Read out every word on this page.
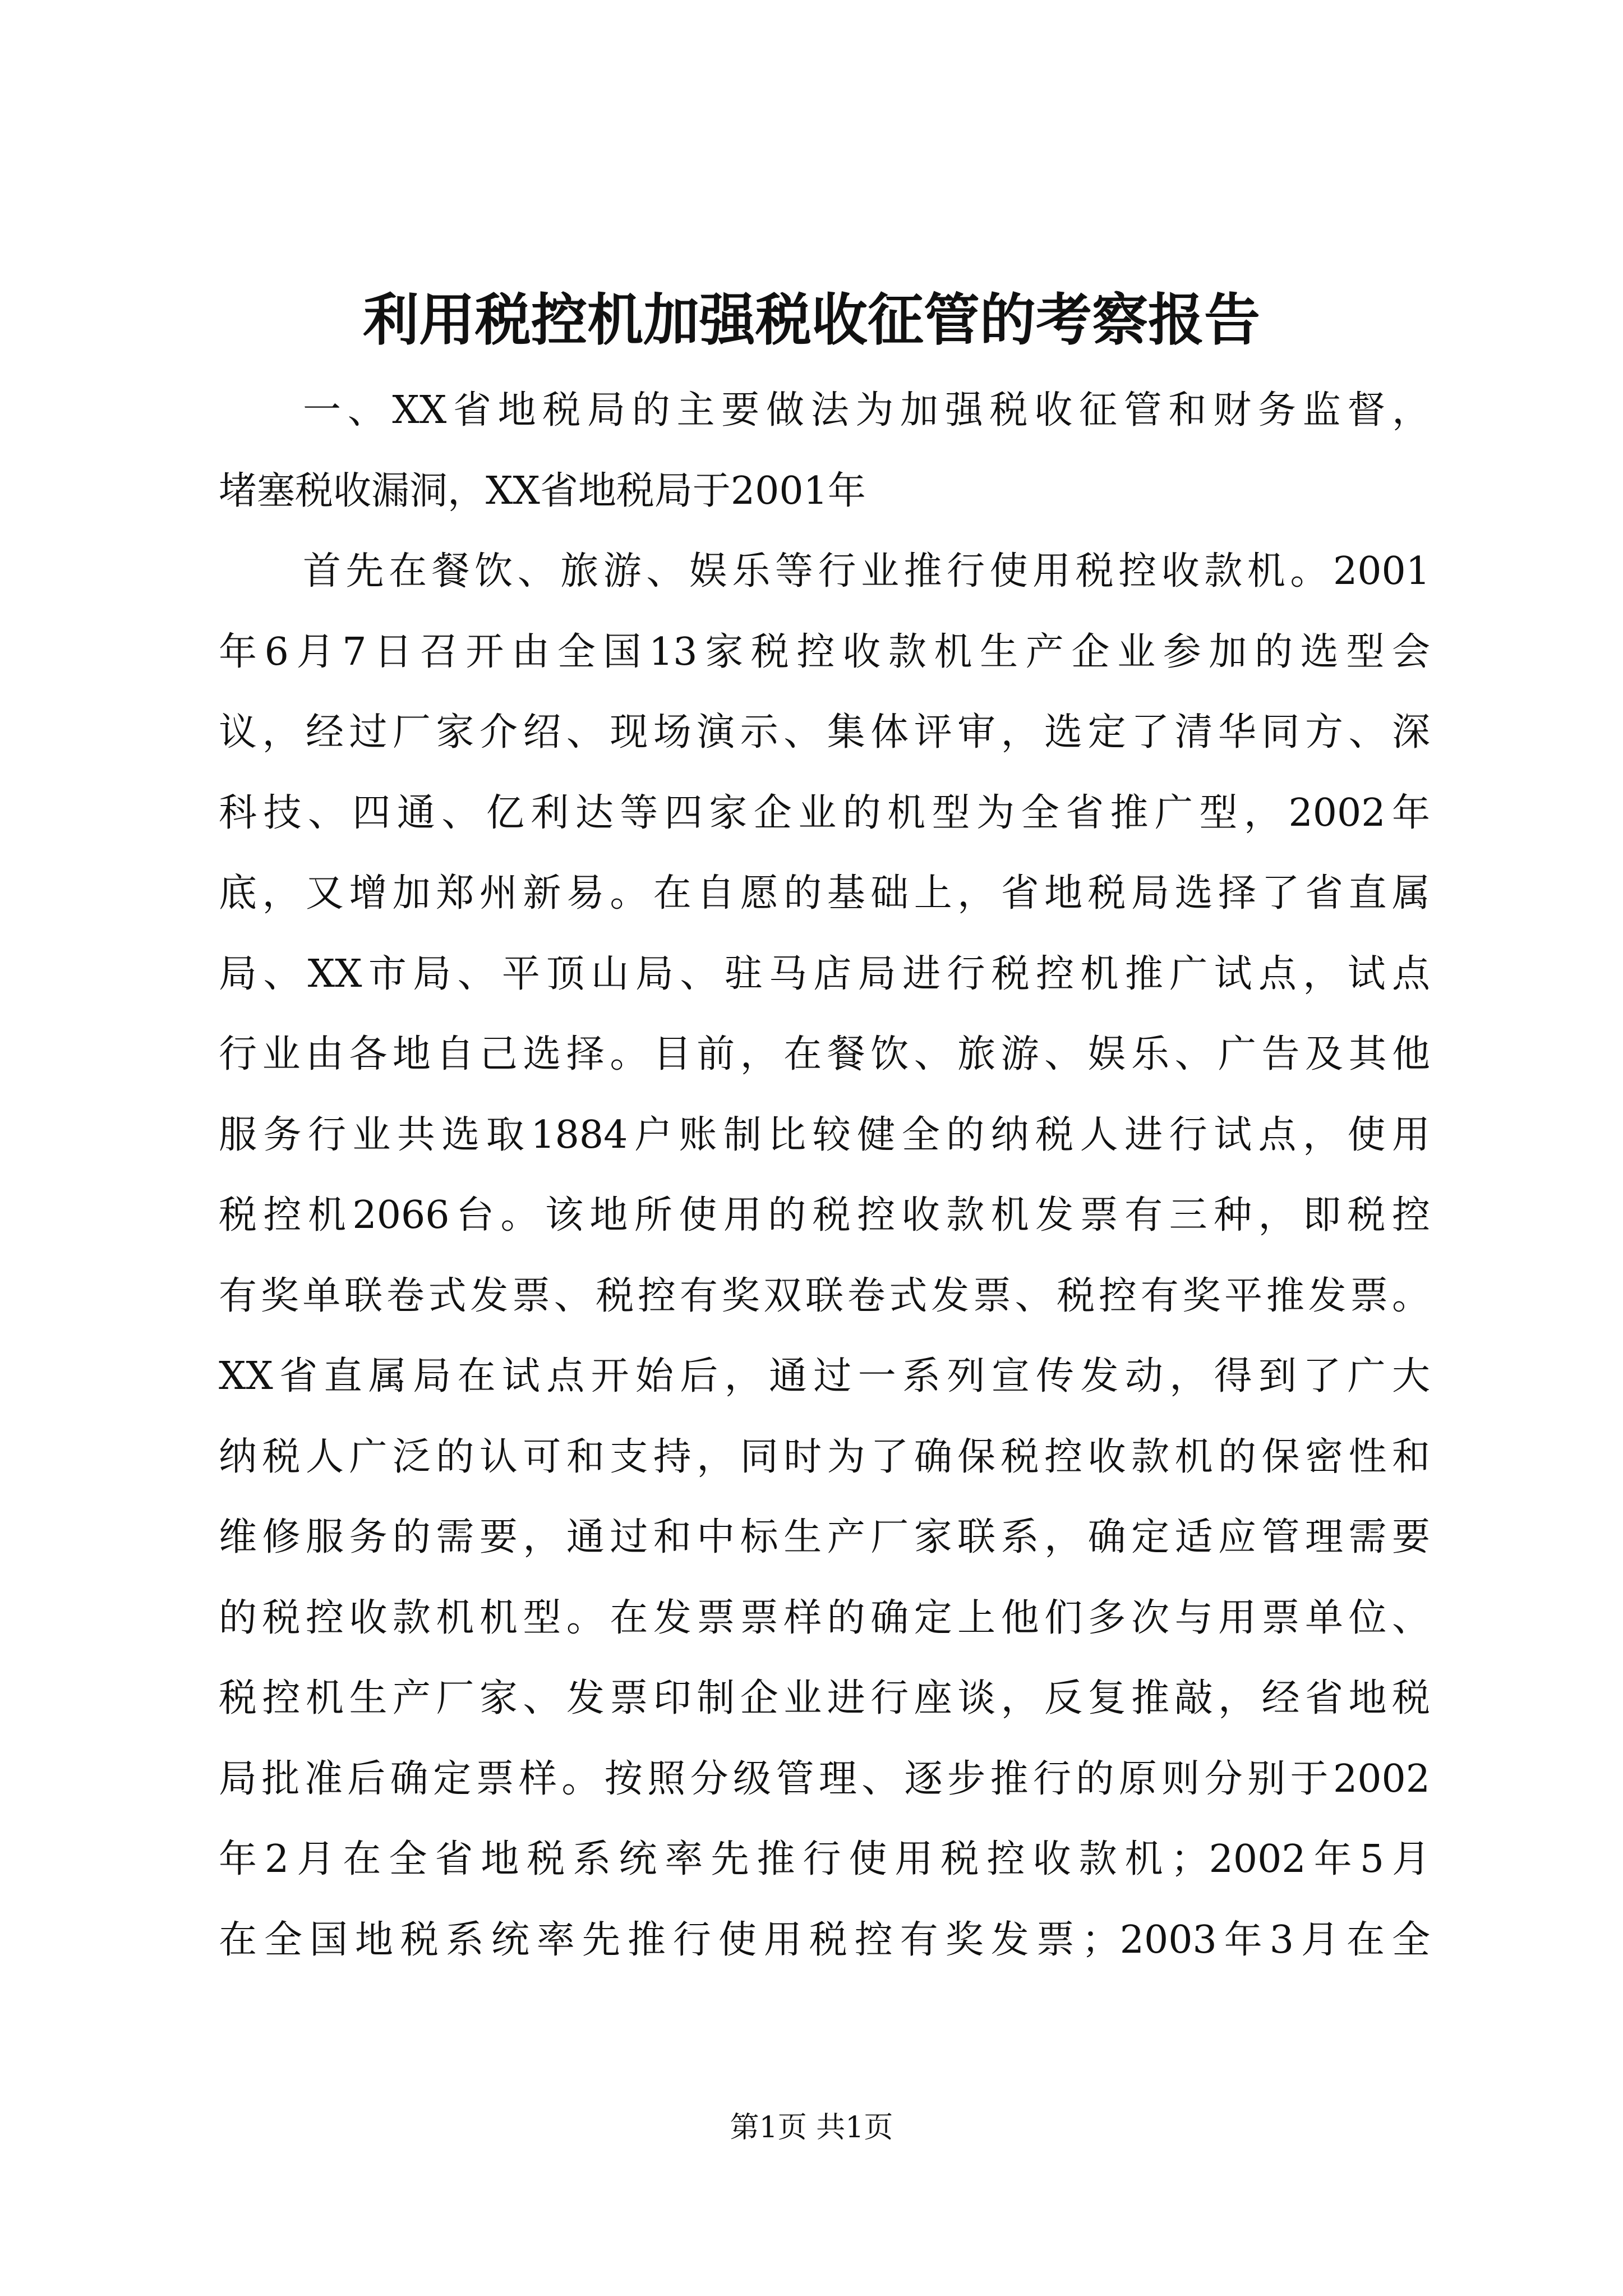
利用税控机加强税收征管的考察报告
一、XX省地税局的主要做法为加强税收征管和财务监督，
堵塞税收漏洞，XX省地税局于2001年
首先在餐饮、旅游、娱乐等行业推行使用税控收款机。2001
年6月7日召开由全国13家税控收款机生产企业参加的选型会
议，经过厂家介绍、现场演示、集体评审，选定了清华同方、深
科技、四通、亿利达等四家企业的机型为全省推广型，2002年
底，又增加郑州新易。在自愿的基础上，省地税局选择了省直属
局、XX市局、平顶山局、驻马店局进行税控机推广试点，试点
行业由各地自己选择。目前，在餐饮、旅游、娱乐、广告及其他
服务行业共选取1884户账制比较健全的纳税人进行试点，使用
税控机2066台。该地所使用的税控收款机发票有三种，即税控
有奖单联卷式发票、税控有奖双联卷式发票、税控有奖平推发票。
XX省直属局在试点开始后，通过一系列宣传发动，得到了广大
纳税人广泛的认可和支持，同时为了确保税控收款机的保密性和
维修服务的需要，通过和中标生产厂家联系，确定适应管理需要
的税控收款机机型。在发票票样的确定上他们多次与用票单位、
税控机生产厂家、发票印制企业进行座谈，反复推敲，经省地税
局批准后确定票样。按照分级管理、逐步推行的原则分别于2002
年2月在全省地税系统率先推行使用税控收款机；2002年5月
在全国地税系统率先推行使用税控有奖发票；2003年3月在全
第1页 共1页
